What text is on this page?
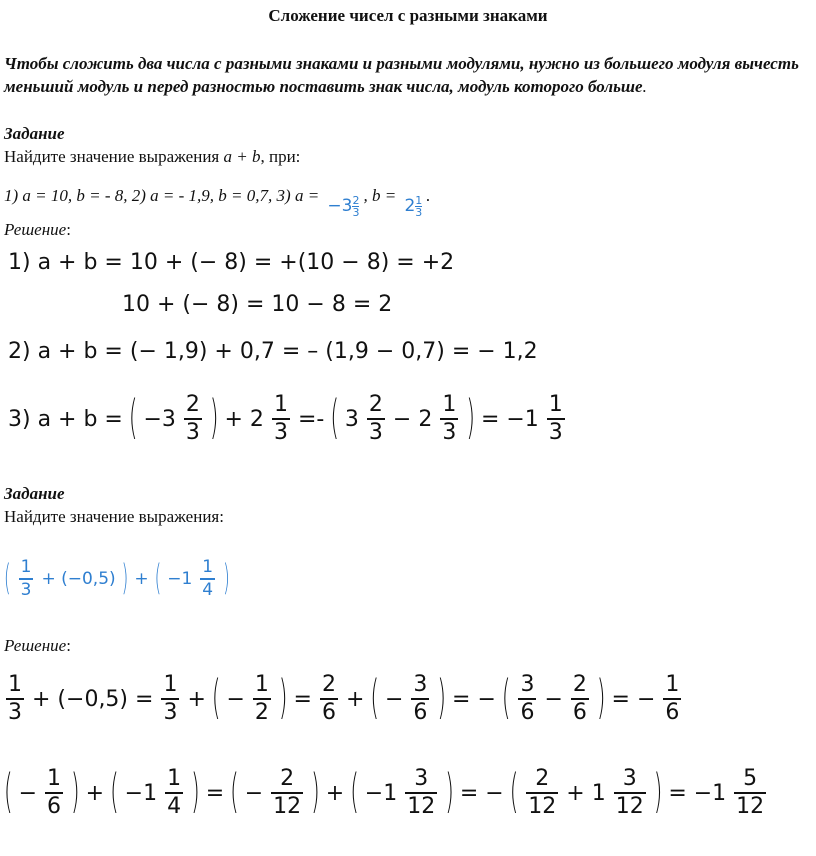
Сложение чисел с разными знаками
Чтобы сложить два числа с разными знаками и разными модулями, нужно из большего модуля вычесть меньший модуль и перед разностью поставить знак числа, модуль которого больше.
Задание
Найдите значение выражения a + b, при:
1) a = 10, b = - 8, 2) a = - 1,9, b = 0,7, 3) a =
−3 2
3
, b =
2 1
3
.
Решение:
1) a + b = 10 + (− 8) = +(10 − 8) = +2
10 + (− 8) = 10 − 8 = 2
2) a + b = (− 1,9) + 0,7 = – (1,9 − 0,7) = − 1,2
3) a + b = ( $-3 \frac{2}{3}$ ) + $2 \frac{1}{3}$ =- ( $3 \frac{2}{3} - 2 \frac{1}{3}$ ) = $-1 \frac{1}{3}$
Задание
Найдите значение выражения:
( $\frac{1}{3} + (-0,5)$ ) + ( $-1 \frac{1}{4}$ )
Решение:
$\frac{1}{3} + (-0,5) = \frac{1}{3}$ + ( − $\frac{1}{2}$ ) = $\frac{2}{6}$ + ( − $\frac{3}{6}$ ) = − ( $\frac{3}{6} - \frac{2}{6}$ ) = − $\frac{1}{6}$
( − $\frac{1}{6}$ ) + ( $-1 \frac{1}{4}$ ) = ( − $\frac{2}{12}$ ) + ( $-1 \frac{3}{12}$ ) = − ( $\frac{2}{12} + 1 \frac{3}{12}$ ) = $-1 \frac{5}{12}$
